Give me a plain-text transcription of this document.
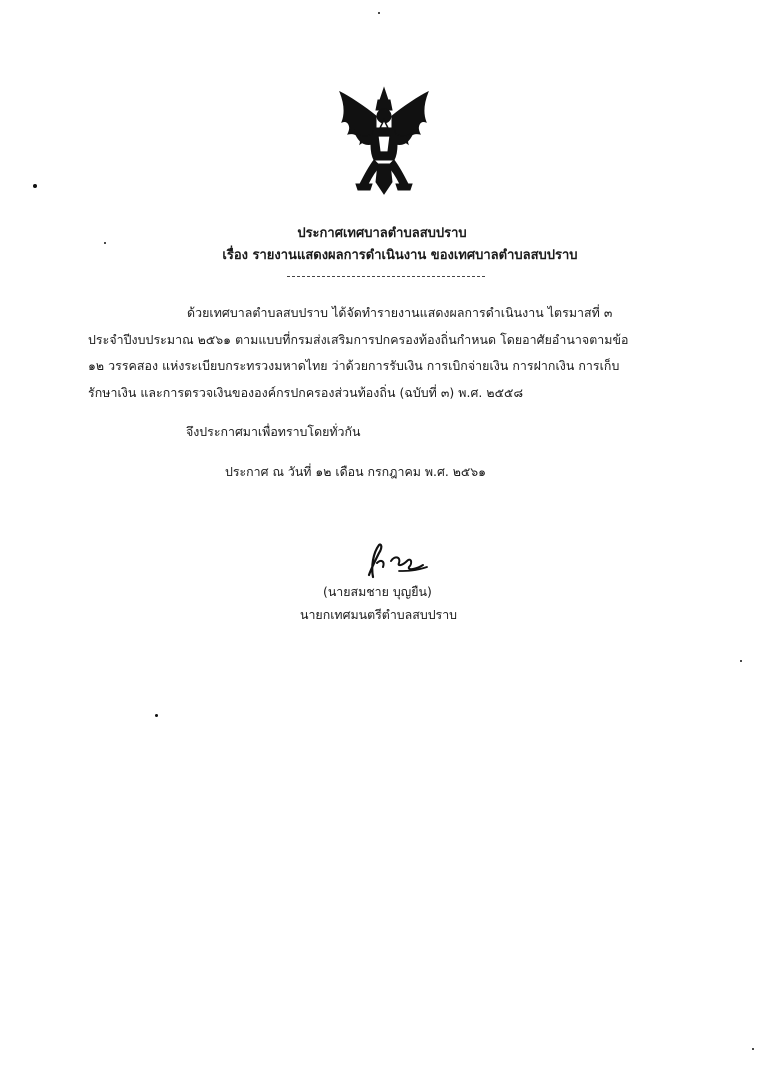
ประกาศเทศบาลตำบลสบปราบ
เรื่อง รายงานแสดงผลการดำเนินงาน ของเทศบาลตำบลสบปราบ
ด้วยเทศบาลตำบลสบปราบ ได้จัดทำรายงานแสดงผลการดำเนินงาน ไตรมาสที่ ๓
ประจำปีงบประมาณ ๒๕๖๑ ตามแบบที่กรมส่งเสริมการปกครองท้องถิ่นกำหนด โดยอาศัยอำนาจตามข้อ
๑๒ วรรคสอง แห่งระเบียบกระทรวงมหาดไทย ว่าด้วยการรับเงิน การเบิกจ่ายเงิน การฝากเงิน การเก็บ
รักษาเงิน และการตรวจเงินขององค์กรปกครองส่วนท้องถิ่น (ฉบับที่ ๓) พ.ศ. ๒๕๕๘
จึงประกาศมาเพื่อทราบโดยทั่วกัน
ประกาศ ณ วันที่ ๑๒ เดือน กรกฎาคม พ.ศ. ๒๕๖๑
(นายสมชาย บุญยืน)
นายกเทศมนตรีตำบลสบปราบ
